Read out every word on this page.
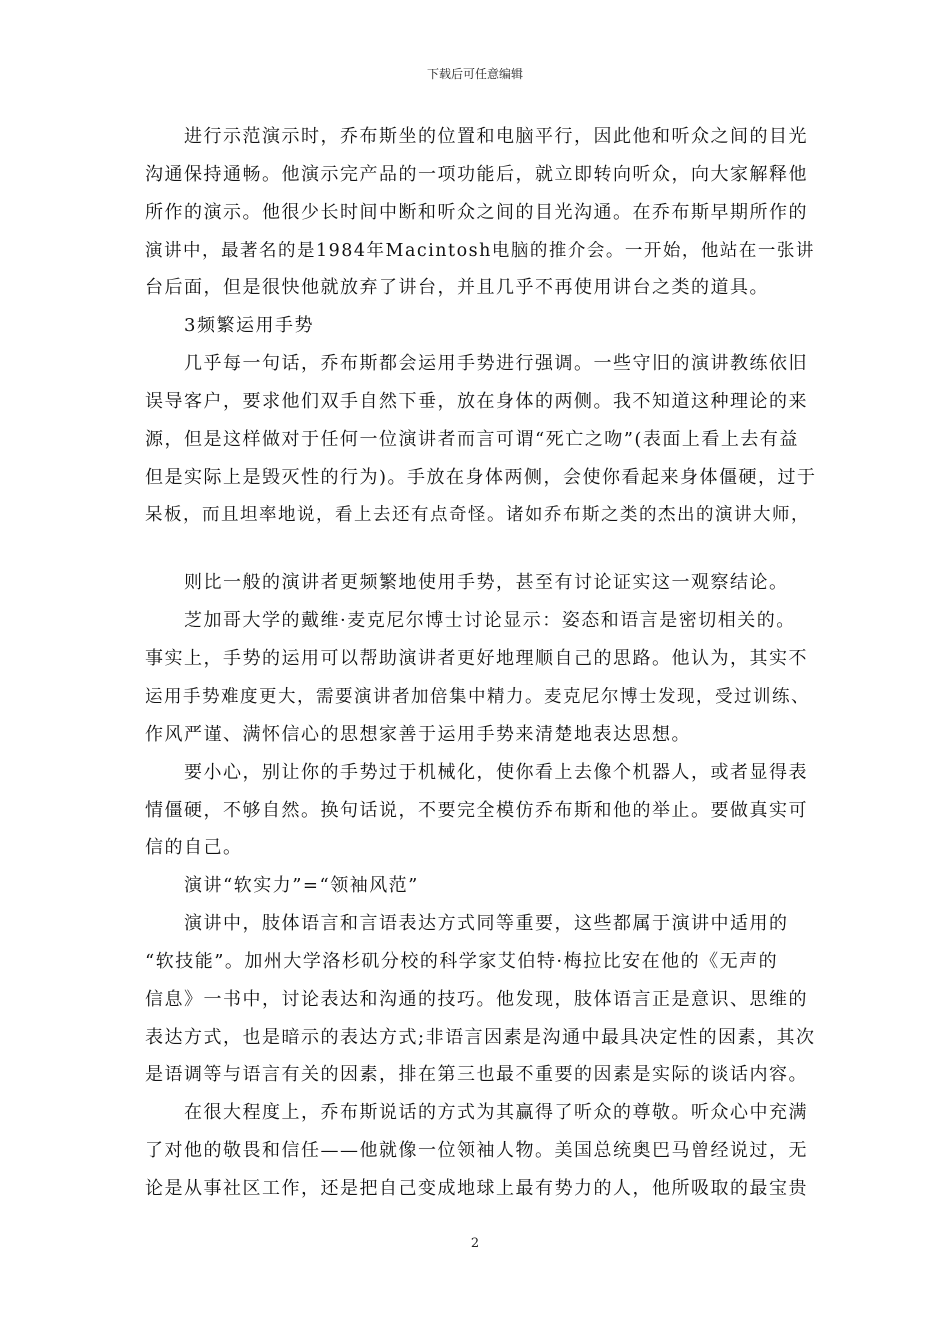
下载后可任意编辑
　　进行示范演示时，乔布斯坐的位置和电脑平行，因此他和听众之间的目光
沟通保持通畅。他演示完产品的一项功能后，就立即转向听众，向大家解释他
所作的演示。他很少长时间中断和听众之间的目光沟通。在乔布斯早期所作的
演讲中，最著名的是1984年Macintosh电脑的推介会。一开始，他站在一张讲
台后面，但是很快他就放弃了讲台，并且几乎不再使用讲台之类的道具。
　　3频繁运用手势
　　几乎每一句话，乔布斯都会运用手势进行强调。一些守旧的演讲教练依旧
误导客户，要求他们双手自然下垂，放在身体的两侧。我不知道这种理论的来
源，但是这样做对于任何一位演讲者而言可谓“死亡之吻”(表面上看上去有益
但是实际上是毁灭性的行为)。手放在身体两侧，会使你看起来身体僵硬，过于
呆板，而且坦率地说，看上去还有点奇怪。诸如乔布斯之类的杰出的演讲大师，
　　则比一般的演讲者更频繁地使用手势，甚至有讨论证实这一观察结论。
　　芝加哥大学的戴维·麦克尼尔博士讨论显示：姿态和语言是密切相关的。
事实上，手势的运用可以帮助演讲者更好地理顺自己的思路。他认为，其实不
运用手势难度更大，需要演讲者加倍集中精力。麦克尼尔博士发现，受过训练、
作风严谨、满怀信心的思想家善于运用手势来清楚地表达思想。
　　要小心，别让你的手势过于机械化，使你看上去像个机器人，或者显得表
情僵硬，不够自然。换句话说，不要完全模仿乔布斯和他的举止。要做真实可
信的自己。
　　演讲“软实力”=“领袖风范”
　　演讲中，肢体语言和言语表达方式同等重要，这些都属于演讲中适用的
“软技能”。加州大学洛杉矶分校的科学家艾伯特·梅拉比安在他的《无声的
信息》一书中，讨论表达和沟通的技巧。他发现，肢体语言正是意识、思维的
表达方式，也是暗示的表达方式;非语言因素是沟通中最具决定性的因素，其次
是语调等与语言有关的因素，排在第三也最不重要的因素是实际的谈话内容。
　　在很大程度上，乔布斯说话的方式为其赢得了听众的尊敬。听众心中充满
了对他的敬畏和信任——他就像一位领袖人物。美国总统奥巴马曾经说过，无
论是从事社区工作，还是把自己变成地球上最有势力的人，他所吸取的最宝贵
2
